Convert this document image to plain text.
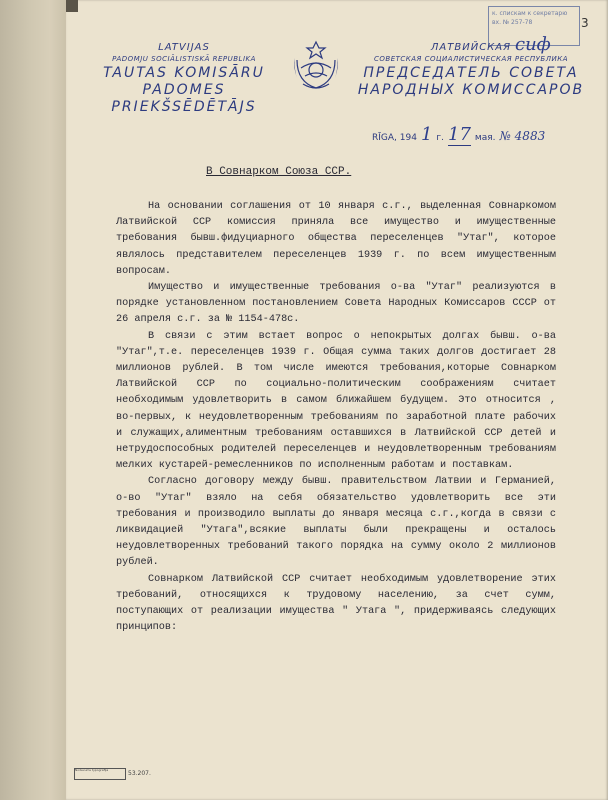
к. спискам к секретарю
вх. № 257-78
сиф
3
LATVIJAS
PADOMJU SOCIĀLISTISKĀ REPUBLIKA
TAUTAS KOMISĀRU
PADOMES PRIEKŠSĒDĒTĀJS
ЛАТВИЙСКАЯ
СОВЕТСКАЯ СОЦИАЛИСТИЧЕСКАЯ РЕСПУБЛИКА
ПРЕДСЕДАТЕЛЬ СОВЕТА
НАРОДНЫХ КОМИССАРОВ
RĪGA, 194 1 г. 17 мая. № 4883
В Совнарком Союза ССР.

На основании соглашения от 10 января с.г., выделенная Совнаркомом Латвийской ССР комиссия приняла все имущество и имущественные требования бывш.фидуциарного общества переселенцев "Утаг", которое являлось представителем переселенцев 1939 г. по всем имущественным вопросам.

Имущество и имущественные требования о-ва "Утаг" реализуются в порядке установленном постановлением Совета Народных Комиссаров СССР от 26 апреля с.г. за № 1154-478с.

В связи с этим встает вопрос о непокрытых долгах бывш. о-ва "Утаг",т.е. переселенцев 1939 г. Общая сумма таких долгов достигает 28 миллионов рублей. В том числе имеются требования,которые Совнарком Латвийской ССР по социально-политическим соображениям считает необходимым удовлетворить в самом ближайшем будущем. Это относится , во-первых, к неудовлетворенным требованиям по заработной плате рабочих и служащих,алиментным требованиям оставшихся в Латвийской ССР детей и нетрудоспособных родителей переселенцев и неудовлетворенным требованиям мелких кустарей-ремесленников по исполненным работам и поставкам.

Согласно договору между бывш. правительством Латвии и Германией, о-во "Утаг" взяло на себя обязательство удовлетворить все эти требования и производило выплаты до января месяца с.г.,когда в связи с ликвидацией "Утага",всякие выплаты были прекращены и осталось неудовлетворенных требований такого порядка на сумму около 2 миллионов рублей.

Совнарком Латвийской ССР считает необходимым удовлетворение этих требований, относящихся к трудовому населению, за счет сумм, поступающих от реализации имущества " Утага ", придерживаясь следующих принципов:

Nodevums typografija	53.207.
